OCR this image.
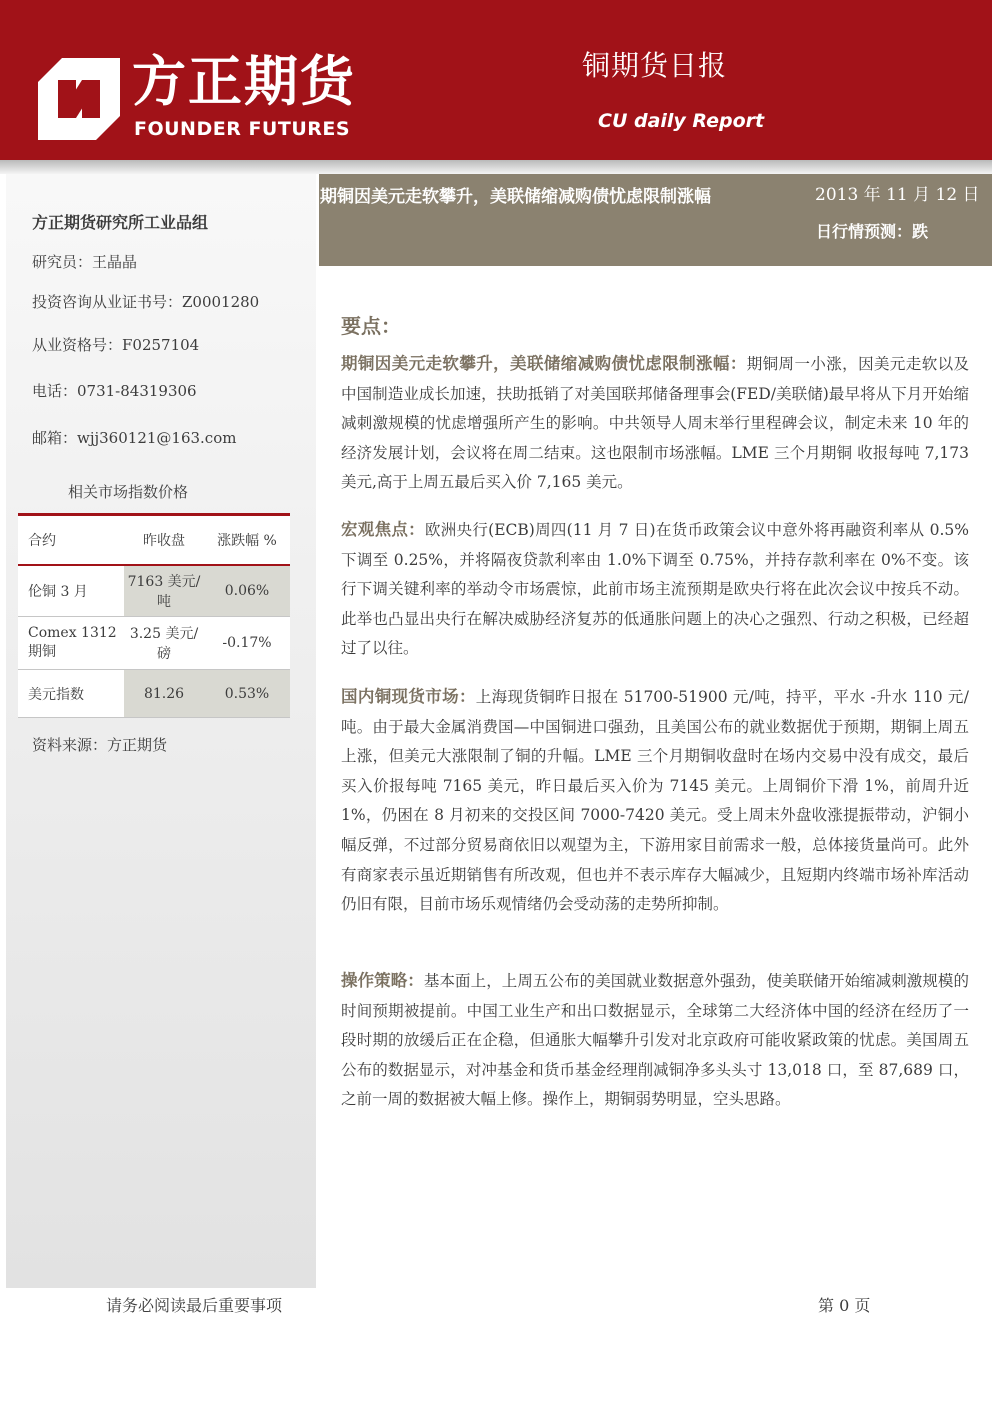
方正期货
FOUNDER FUTURES
铜期货日报
CU daily Report
方正期货研究所工业品组
研究员：王晶晶
投资咨询从业证书号：Z0001280
从业资格号：F0257104
电话：0731-84319306
邮箱：wjj360121@163.com
相关市场指数价格
合约	昨收盘	涨跌幅 %
伦铜 3 月	7163 美元/吨	0.06%
Comex 1312 期铜	3.25 美元/磅	-0.17%
美元指数	81.26	0.53%
资料来源：方正期货
期铜因美元走软攀升，美联储缩减购债忧虑限制涨幅	2013 年 11 月 12 日
日行情预测：跌
要点：
期铜因美元走软攀升，美联储缩减购债忧虑限制涨幅：期铜周一小涨，因美元走软以及中国制造业成长加速，扶助抵销了对美国联邦储备理事会(FED/美联储)最早将从下月开始缩减刺激规模的忧虑增强所产生的影响。中共领导人周末举行里程碑会议，制定未来 10 年的经济发展计划，会议将在周二结束。这也限制市场涨幅。LME 三个月期铜 收报每吨 7,173 美元,高于上周五最后买入价 7,165 美元。
宏观焦点：欧洲央行(ECB)周四(11 月 7 日)在货币政策会议中意外将再融资利率从 0.5%下调至 0.25%，并将隔夜贷款利率由 1.0%下调至 0.75%，并持存款利率在 0%不变。该行下调关键利率的举动令市场震惊，此前市场主流预期是欧央行将在此次会议中按兵不动。此举也凸显出央行在解决威胁经济复苏的低通胀问题上的决心之强烈、行动之积极，已经超过了以往。
国内铜现货市场：上海现货铜昨日报在 51700-51900 元/吨，持平，平水 -升水 110 元/吨。由于最大金属消费国—中国铜进口强劲，且美国公布的就业数据优于预期，期铜上周五上涨，但美元大涨限制了铜的升幅。LME 三个月期铜收盘时在场内交易中没有成交，最后买入价报每吨 7165 美元，昨日最后买入价为 7145 美元。上周铜价下滑 1%，前周升近 1%，仍困在 8 月初来的交投区间 7000-7420 美元。受上周末外盘收涨提振带动，沪铜小幅反弹，不过部分贸易商依旧以观望为主，下游用家目前需求一般，总体接货量尚可。此外有商家表示虽近期销售有所改观，但也并不表示库存大幅减少，且短期内终端市场补库活动仍旧有限，目前市场乐观情绪仍会受动荡的走势所抑制。
操作策略：基本面上，上周五公布的美国就业数据意外强劲，使美联储开始缩减刺激规模的时间预期被提前。中国工业生产和出口数据显示，全球第二大经济体中国的经济在经历了一段时期的放缓后正在企稳，但通胀大幅攀升引发对北京政府可能收紧政策的忧虑。美国周五公布的数据显示，对冲基金和货币基金经理削减铜净多头头寸 13,018 口，至 87,689 口，之前一周的数据被大幅上修。操作上，期铜弱势明显，空头思路。
请务必阅读最后重要事项	第 0 页
